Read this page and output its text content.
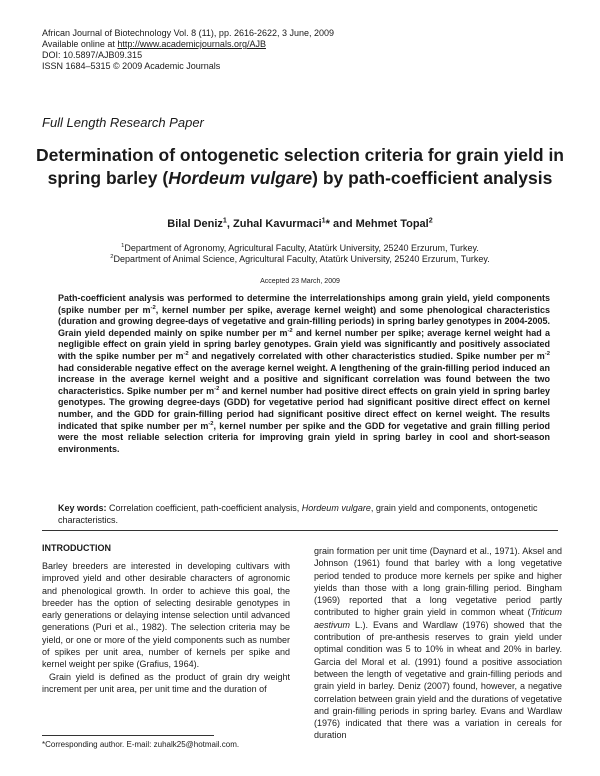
African Journal of Biotechnology Vol. 8 (11), pp. 2616-2622, 3 June, 2009
Available online at http://www.academicjournals.org/AJB
DOI: 10.5897/AJB09.315
ISSN 1684–5315 © 2009 Academic Journals
Full Length Research Paper
Determination of ontogenetic selection criteria for grain yield in spring barley (Hordeum vulgare) by path-coefficient analysis
Bilal Deniz$^1$, Zuhal Kavurmaci$^1$* and Mehmet Topal$^2$
$^1$Department of Agronomy, Agricultural Faculty, Atatürk University, 25240 Erzurum, Turkey.
$^2$Department of Animal Science, Agricultural Faculty, Atatürk University, 25240 Erzurum, Turkey.
Accepted 23 March, 2009
Path-coefficient analysis was performed to determine the interrelationships among grain yield, yield components (spike number per $m^{-2}$, kernel number per spike, average kernel weight) and some phenological characteristics (duration and growing degree-days of vegetative and grain-filling periods) in spring barley genotypes in 2004-2005. Grain yield depended mainly on spike number per $m^{-2}$ and kernel number per spike; average kernel weight had a negligible effect on grain yield in spring barley genotypes. Grain yield was significantly and positively associated with the spike number per $m^{-2}$ and negatively correlated with other characteristics studied. Spike number per $m^{-2}$ had considerable negative effect on the average kernel weight. A lengthening of the grain-filling period induced an increase in the average kernel weight and a positive and significant correlation was found between the two characteristics. Spike number per $m^{-2}$ and kernel number had positive direct effects on grain yield in spring barley genotypes. The growing degree-days (GDD) for vegetative period had significant positive direct effect on kernel number, and the GDD for grain-filling period had significant positive direct effect on kernel weight. The results indicated that spike number per $m^{-2}$, kernel number per spike and the GDD for vegetative and grain filling period were the most reliable selection criteria for improving grain yield in spring barley in cool and short-season environments.
Key words: Correlation coefficient, path-coefficient analysis, Hordeum vulgare, grain yield and components, ontogenetic characteristics.
INTRODUCTION

Barley breeders are interested in developing cultivars with improved yield and other desirable characters of agronomic and phenological growth. In order to achieve this goal, the breeder has the option of selecting desirable genotypes in early generations or delaying intense selection until advanced generations (Puri et al., 1982). The selection criteria may be yield, or one or more of the yield components such as number of spikes per unit area, number of kernels per spike and kernel weight per spike (Grafius, 1964).

Grain yield is defined as the product of grain dry weight increment per unit area, per unit time and the duration of

grain formation per unit time (Daynard et al., 1971). Aksel and Johnson (1961) found that barley with a long vegetative period tended to produce more kernels per spike and higher yields than those with a long grain-filling period. Bingham (1969) reported that a long vegetative period partly contributed to higher grain yield in common wheat (Triticum aestivum L.). Evans and Wardlaw (1976) showed that the contribution of pre-anthesis reserves to grain yield under optimal condition was 5 to 10% in wheat and 20% in barley. Garcia del Moral et al. (1991) found a positive association between the length of vegetative and grain-filling periods and grain yield in barley. Deniz (2007) found, however, a negative correlation between grain yield and the durations of vegetative and grain-filling periods in spring barley. Evans and Wardlaw (1976) indicated that there was a variation in cereals for duration

*Corresponding author. E-mail: zuhalk25@hotmail.com.
